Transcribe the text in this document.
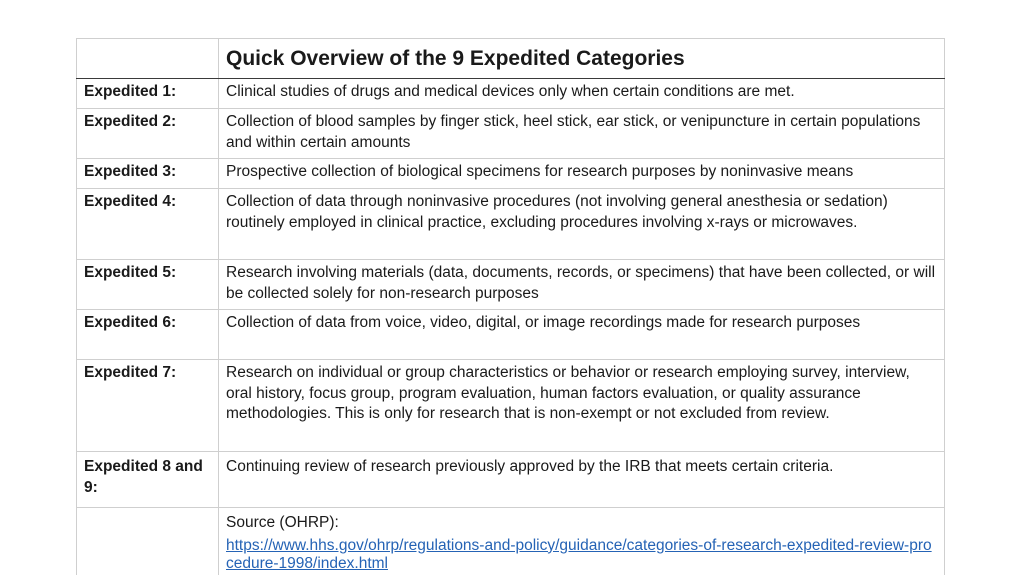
	Quick Overview of the 9 Expedited Categories
Expedited 1:	Clinical studies of drugs and medical devices only when certain conditions are met.
Expedited 2:	Collection of blood samples by finger stick, heel stick, ear stick, or venipuncture in certain populations and within certain amounts
Expedited 3:	Prospective collection of biological specimens for research purposes by noninvasive means
Expedited 4:	Collection of data through noninvasive procedures (not involving general anesthesia or sedation) routinely employed in clinical practice, excluding procedures involving x-rays or microwaves.
Expedited 5:	Research involving materials (data, documents, records, or specimens) that have been collected, or will be collected solely for non-research purposes
Expedited 6:	Collection of data from voice, video, digital, or image recordings made for research purposes
Expedited 7:	Research on individual or group characteristics or behavior or research employing survey, interview, oral history, focus group, program evaluation, human factors evaluation, or quality assurance methodologies. This is only for research that is non-exempt or not excluded from review.
Expedited 8 and 9:	Continuing review of research previously approved by the IRB that meets certain criteria.

	Source (OHRP):
https://www.hhs.gov/ohrp/regulations-and-policy/guidance/categories-of-research-expedited-review-procedure-1998/index.html
